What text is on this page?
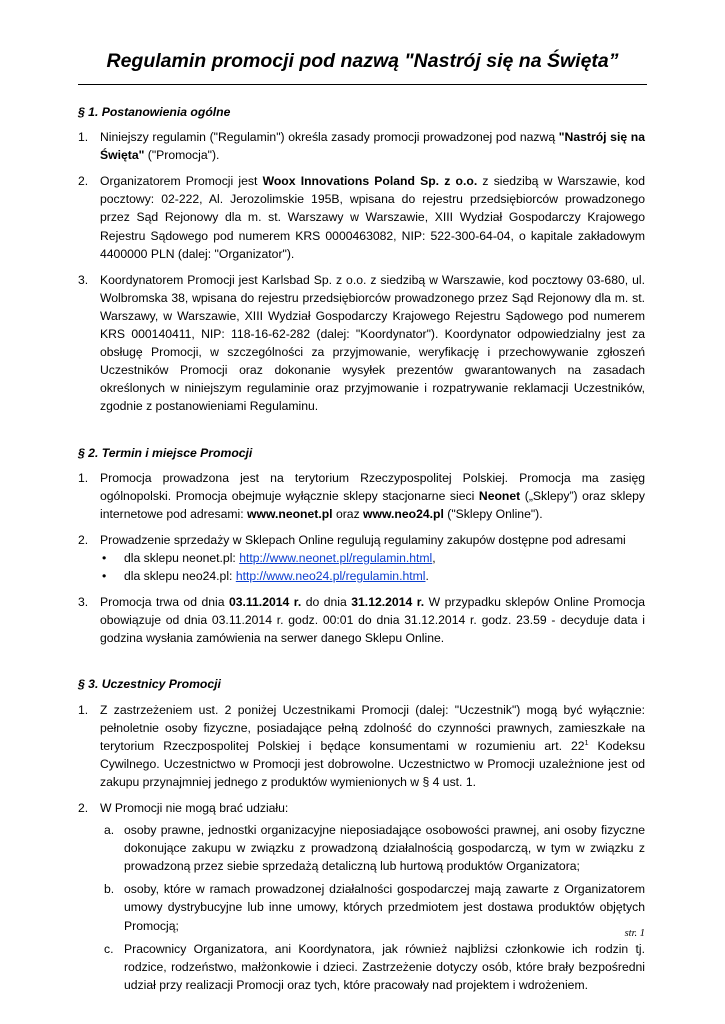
Regulamin promocji pod nazwą "Nastrój się na Święta”
§ 1. Postanowienia ogólne
1. Niniejszy regulamin ("Regulamin") określa zasady promocji prowadzonej pod nazwą "Nastrój się na Święta" ("Promocja").
2. Organizatorem Promocji jest Woox Innovations Poland Sp. z o.o. z siedzibą w Warszawie, kod pocztowy: 02-222, Al. Jerozolimskie 195B, wpisana do rejestru przedsiębiorców prowadzonego przez Sąd Rejonowy dla m. st. Warszawy w Warszawie, XIII Wydział Gospodarczy Krajowego Rejestru Sądowego pod numerem KRS 0000463082, NIP: 522-300-64-04, o kapitale zakładowym 4400000 PLN (dalej: "Organizator").
3. Koordynatorem Promocji jest Karlsbad Sp. z o.o. z siedzibą w Warszawie, kod pocztowy 03-680, ul. Wolbromska 38, wpisana do rejestru przedsiębiorców prowadzonego przez Sąd Rejonowy dla m. st. Warszawy, w Warszawie, XIII Wydział Gospodarczy Krajowego Rejestru Sądowego pod numerem KRS 000140411, NIP: 118-16-62-282 (dalej: "Koordynator"). Koordynator odpowiedzialny jest za obsługę Promocji, w szczególności za przyjmowanie, weryfikację i przechowywanie zgłoszeń Uczestników Promocji oraz dokonanie wysyłek prezentów gwarantowanych na zasadach określonych w niniejszym regulaminie oraz przyjmowanie i rozpatrywanie reklamacji Uczestników, zgodnie z postanowieniami Regulaminu.
§ 2. Termin i miejsce Promocji
1. Promocja prowadzona jest na terytorium Rzeczypospolitej Polskiej. Promocja ma zasięg ogólnopolski. Promocja obejmuje wyłącznie sklepy stacjonarne sieci Neonet („Sklepy”) oraz sklepy internetowe pod adresami: www.neonet.pl oraz www.neo24.pl ("Sklepy Online").
2. Prowadzenie sprzedaży w Sklepach Online regulują regulaminy zakupów dostępne pod adresami
• dla sklepu neonet.pl: http://www.neonet.pl/regulamin.html,
• dla sklepu neo24.pl: http://www.neo24.pl/regulamin.html.
3. Promocja trwa od dnia 03.11.2014 r. do dnia 31.12.2014 r. W przypadku sklepów Online Promocja obowiązuje od dnia 03.11.2014 r. godz. 00:01 do dnia 31.12.2014 r. godz. 23.59 - decyduje data i godzina wysłania zamówienia na serwer danego Sklepu Online.
§ 3. Uczestnicy Promocji
1. Z zastrzeżeniem ust. 2 poniżej Uczestnikami Promocji (dalej: "Uczestnik") mogą być wyłącznie: pełnoletnie osoby fizyczne, posiadające pełną zdolność do czynności prawnych, zamieszkałe na terytorium Rzeczpospolitej Polskiej i będące konsumentami w rozumieniu art. $22^1$ Kodeksu Cywilnego. Uczestnictwo w Promocji jest dobrowolne. Uczestnictwo w Promocji uzależnione jest od zakupu przynajmniej jednego z produktów wymienionych w § 4 ust. 1.
2. W Promocji nie mogą brać udziału:
a. osoby prawne, jednostki organizacyjne nieposiadające osobowości prawnej, ani osoby fizyczne dokonujące zakupu w związku z prowadzoną działalnością gospodarczą, w tym w związku z prowadzoną przez siebie sprzedażą detaliczną lub hurtową produktów Organizatora;
b. osoby, które w ramach prowadzonej działalności gospodarczej mają zawarte z Organizatorem umowy dystrybucyjne lub inne umowy, których przedmiotem jest dostawa produktów objętych Promocją;
c. Pracownicy Organizatora, ani Koordynatora, jak również najbliżsi członkowie ich rodzin tj. rodzice, rodzeństwo, małżonkowie i dzieci. Zastrzeżenie dotyczy osób, które brały bezpośredni udział przy realizacji Promocji oraz tych, które pracowały nad projektem i wdrożeniem.
str. 1
